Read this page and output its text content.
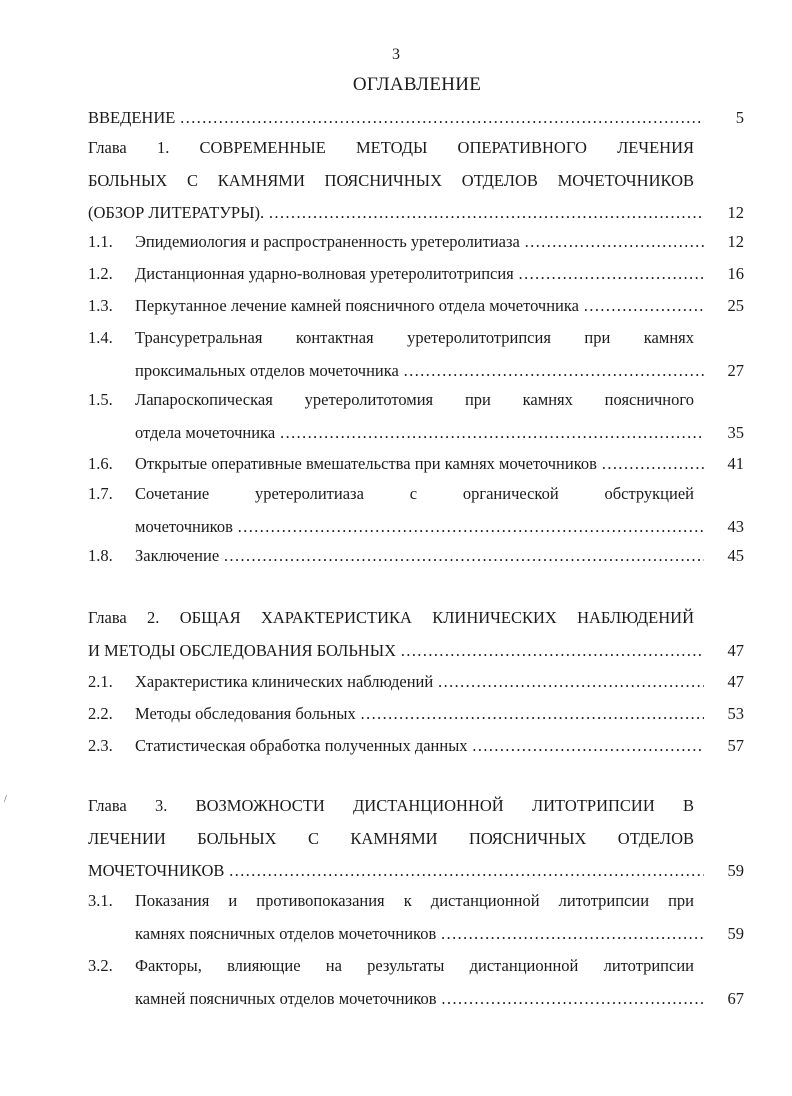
3
ОГЛАВЛЕНИЕ
ВВЕДЕНИЕ ……………………………………………………………………………………………………………………	5
Глава 1. СОВРЕМЕННЫЕ МЕТОДЫ ОПЕРАТИВНОГО ЛЕЧЕНИЯ
БОЛЬНЫХ С КАМНЯМИ ПОЯСНИЧНЫХ ОТДЕЛОВ МОЧЕТОЧНИКОВ
(ОБЗОР ЛИТЕРАТУРЫ). ……………………………………………………………………………………………………………………	12
1.1.	Эпидемиология и распространенность уретеролитиаза ……………………………………………………………………………………………………………………	12
1.2.	Дистанционная ударно-волновая уретеролитотрипсия ……………………………………………………………………………………………………………………	16
1.3.	Перкутанное лечение камней поясничного отдела мочеточника ……………………………………………………………………………………………………………………	25
1.4.	Трансуретральная контактная уретеролитотрипсия при камнях
проксимальных отделов мочеточника ……………………………………………………………………………………………………………………	27
1.5.	Лапароскопическая уретеролитотомия при камнях поясничного
отдела мочеточника ……………………………………………………………………………………………………………………	35
1.6.	Открытые оперативные вмешательства при камнях мочеточников ……………………………………………………………………………………………………………………	41
1.7.	Сочетание уретеролитиаза с органической обструкцией
мочеточников ……………………………………………………………………………………………………………………	43
1.8.	Заключение ……………………………………………………………………………………………………………………	45
Глава 2. ОБЩАЯ ХАРАКТЕРИСТИКА КЛИНИЧЕСКИХ НАБЛЮДЕНИЙ
И МЕТОДЫ ОБСЛЕДОВАНИЯ БОЛЬНЫХ ……………………………………………………………………………………………………………………	47
2.1.	Характеристика клинических наблюдений ……………………………………………………………………………………………………………………	47
2.2.	Методы обследования больных ……………………………………………………………………………………………………………………	53
2.3.	Статистическая обработка полученных данных ……………………………………………………………………………………………………………………	57
/	Глава 3. ВОЗМОЖНОСТИ ДИСТАНЦИОННОЙ ЛИТОТРИПСИИ В
ЛЕЧЕНИИ БОЛЬНЫХ С КАМНЯМИ ПОЯСНИЧНЫХ ОТДЕЛОВ
МОЧЕТОЧНИКОВ ……………………………………………………………………………………………………………………	59
3.1.	Показания и противопоказания к дистанционной литотрипсии при
камнях поясничных отделов мочеточников ……………………………………………………………………………………………………………………	59
3.2.	Факторы, влияющие на результаты дистанционной литотрипсии
камней поясничных отделов мочеточников ……………………………………………………………………………………………………………………	67
